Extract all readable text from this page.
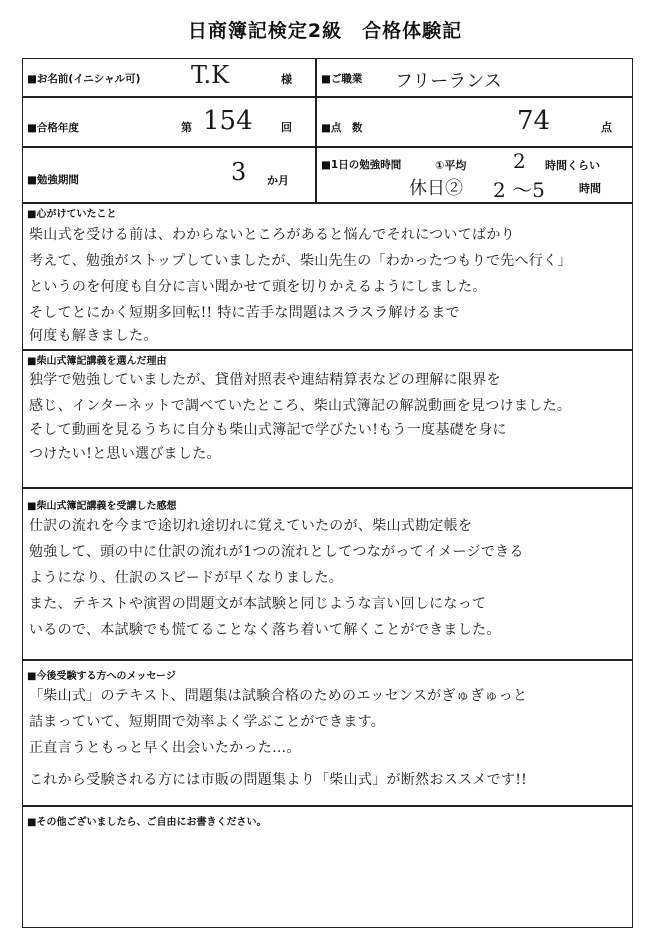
日商簿記検定2級　合格体験記
■お名前(イニシャル可) T.K	様	■ご職業 フリーランス
■合格年度	第 154	回	■点　数	74	点
■勉強期間	3 か月
■1日の勉強時間	①平均 2 時間くらい
休日② 2 〜5	時間
■心がけていたこと
柴山式を受ける前は、わからないところがあると悩んでそれについてばかり
考えて、勉強がストップしていましたが、柴山先生の「わかったつもりで先へ行く」
というのを何度も自分に言い聞かせて頭を切りかえるようにしました。
そしてとにかく短期多回転!! 特に苦手な問題はスラスラ解けるまで
何度も解きました。
■柴山式簿記講義を選んだ理由
独学で勉強していましたが、貸借対照表や連結精算表などの理解に限界を
感じ、インターネットで調べていたところ、柴山式簿記の解説動画を見つけました。
そして動画を見るうちに自分も柴山式簿記で学びたい!もう一度基礎を身に
つけたい!と思い選びました。
■柴山式簿記講義を受講した感想
仕訳の流れを今まで途切れ途切れに覚えていたのが、柴山式勘定帳を
勉強して、頭の中に仕訳の流れが1つの流れとしてつながってイメージできる
ようになり、仕訳のスピードが早くなりました。
また、テキストや演習の問題文が本試験と同じような言い回しになって
いるので、本試験でも慌てることなく落ち着いて解くことができました。
■今後受験する方へのメッセージ
「柴山式」のテキスト、問題集は試験合格のためのエッセンスがぎゅぎゅっと
詰まっていて、短期間で効率よく学ぶことができます。
正直言うともっと早く出会いたかった…。
これから受験される方には市販の問題集より「柴山式」が断然おススメです!!
■その他ございましたら、ご自由にお書きください。
